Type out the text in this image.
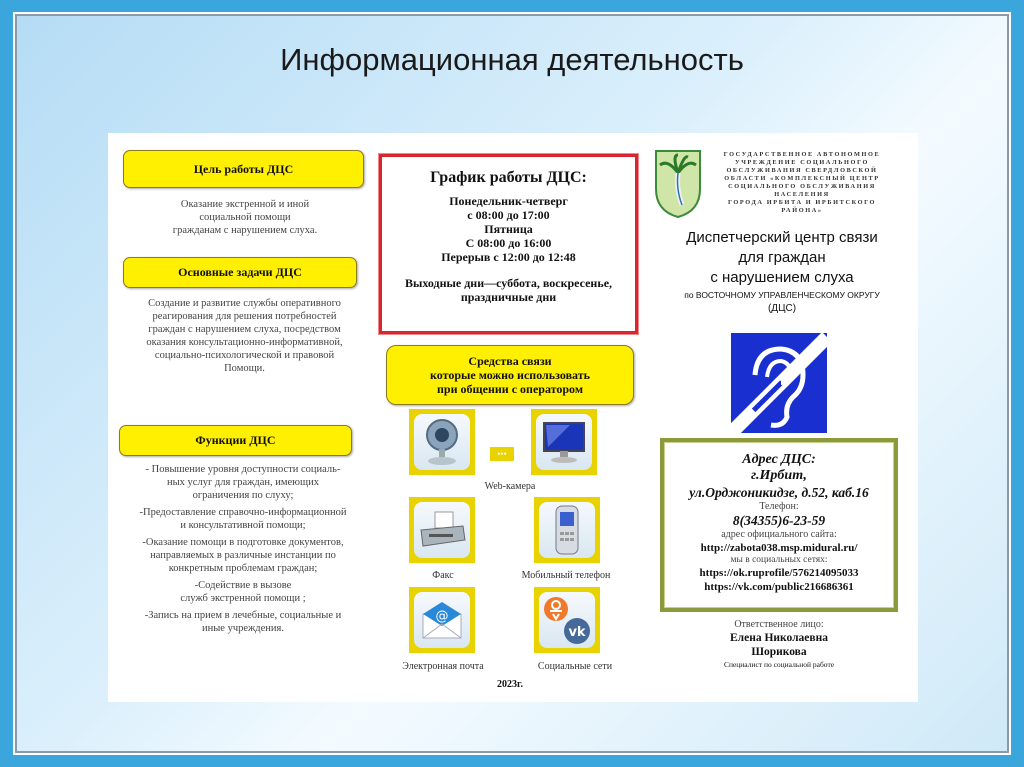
Информационная деятельность
Цель работы ДЦС
Оказание экстренной и иной
социальной помощи
гражданам с нарушением слуха.
Основные задачи ДЦС
Создание и развитие службы оперативного
реагирования для решения потребностей
граждан с нарушением слуха, посредством
оказания консультационно-информативной,
социально-психологической и правовой
Помощи.
Функции ДЦС

- Повышение уровня доступности социаль-
ных услуг для граждан, имеющих
ограничения по слуху;

-Предоставление справочно-информационной
и консультативной помощи;

-Оказание помощи в подготовке документов,
направляемых в различные инстанции по
конкретным проблемам граждан;

-Содействие в вызове
служб экстренной помощи ;

-Запись на прием в лечебные, социальные и
иные учреждения.

График работы ДЦС:
Понедельник-четверг
с 08:00 до 17:00
Пятница
С 08:00 до 16:00
Перерыв с 12:00 до 12:48
Выходные дни—суббота, воскресенье,
праздничные дни
Средства связи
которые можно использовать
при общении с оператором
•••
Web-камера
Факс	Мобильный телефон
@
vk
Электронная почта	Социальные сети
2023г.
ГОСУДАРСТВЕННОЕ АВТОНОМНОЕ
УЧРЕЖДЕНИЕ СОЦИАЛЬНОГО
ОБСЛУЖИВАНИЯ СВЕРДЛОВСКОЙ
ОБЛАСТИ «КОМПЛЕКСНЫЙ ЦЕНТР
СОЦИАЛЬНОГО ОБСЛУЖИВАНИЯ
НАСЕЛЕНИЯ
ГОРОДА ИРБИТА И ИРБИТСКОГО
РАЙОНА»
Диспетчерский центр связи
для граждан
с нарушением слуха
по ВОСТОЧНОМУ УПРАВЛЕНЧЕСКОМУ ОКРУГУ
(ДЦС)
Адрес ДЦС:
г.Ирбит,
ул.Орджоникидзе, д.52, каб.16
Телефон:
8(34355)6-23-59
адрес официального сайта:
http://zabota038.msp.midural.ru/
мы в социальных сетях:
https://ok.ruprofile/576214095033
https://vk.com/public216686361
Ответственное лицо:
Елена Николаевна
Шорикова
Специалист по социальной работе
